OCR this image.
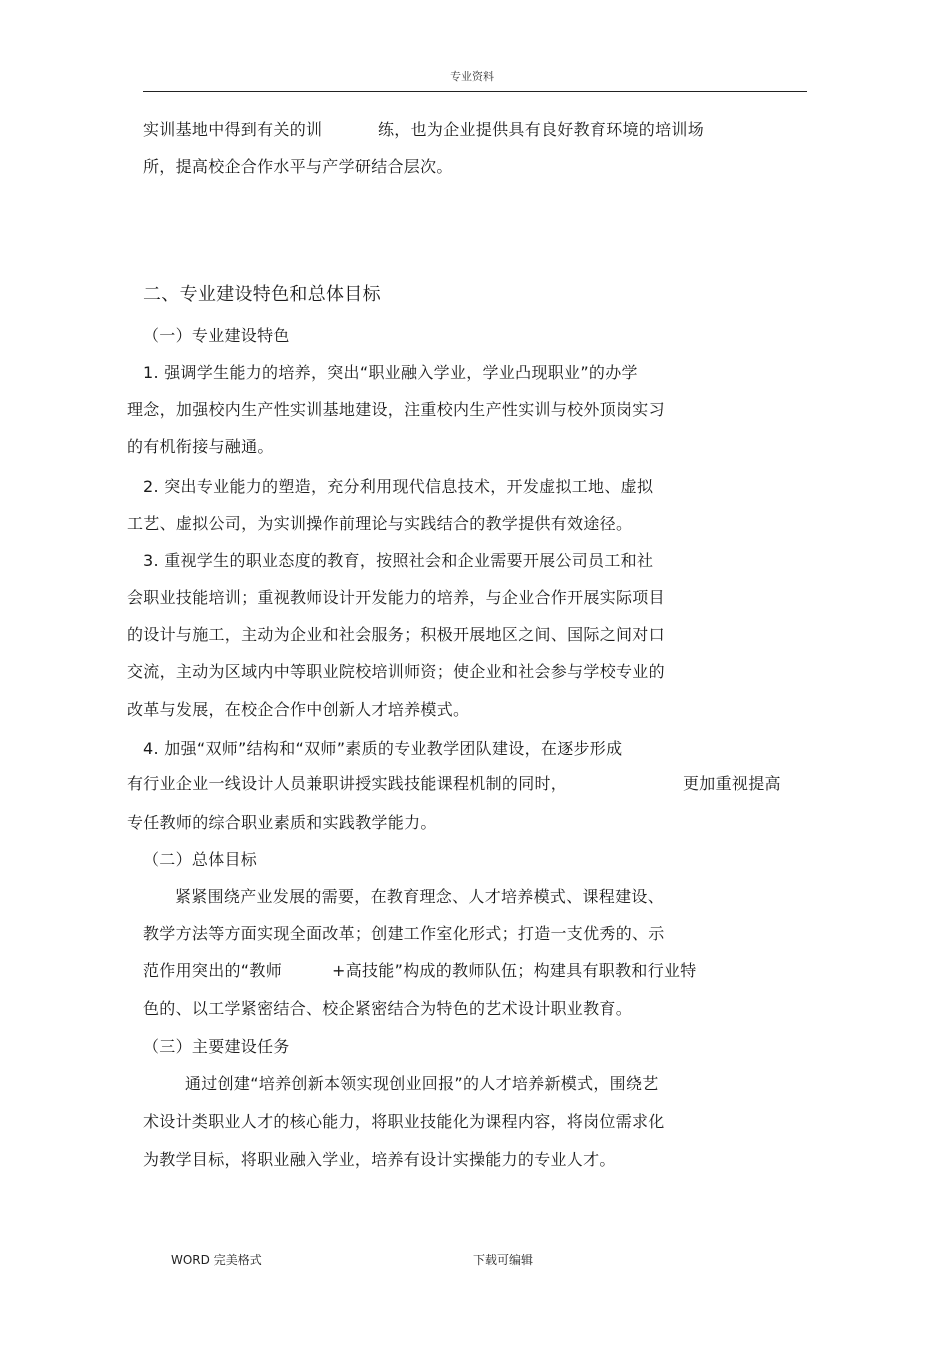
专业资料
实训基地中得到有关的训	练，也为企业提供具有良好教育环境的培训场
所，提高校企合作水平与产学研结合层次。
二、专业建设特色和总体目标
（一）专业建设特色
1. 强调学生能力的培养，突出“职业融入学业，学业凸现职业”的办学
理念，加强校内生产性实训基地建设，注重校内生产性实训与校外顶岗实习
的有机衔接与融通。
2. 突出专业能力的塑造，充分利用现代信息技术，开发虚拟工地、虚拟
工艺、虚拟公司，为实训操作前理论与实践结合的教学提供有效途径。
3. 重视学生的职业态度的教育，按照社会和企业需要开展公司员工和社
会职业技能培训；重视教师设计开发能力的培养，与企业合作开展实际项目
的设计与施工，主动为企业和社会服务；积极开展地区之间、国际之间对口
交流，主动为区域内中等职业院校培训师资；使企业和社会参与学校专业的
改革与发展，在校企合作中创新人才培养模式。
4. 加强“双师”结构和“双师”素质的专业教学团队建设，在逐步形成
有行业企业一线设计人员兼职讲授实践技能课程机制的同时，	更加重视提高
专任教师的综合职业素质和实践教学能力。
（二）总体目标
紧紧围绕产业发展的需要，在教育理念、人才培养模式、课程建设、
教学方法等方面实现全面改革；创建工作室化形式；打造一支优秀的、示
范作用突出的“教师	+高技能”构成的教师队伍；构建具有职教和行业特
色的、以工学紧密结合、校企紧密结合为特色的艺术设计职业教育。
（三）主要建设任务
通过创建“培养创新本领实现创业回报”的人才培养新模式，围绕艺
术设计类职业人才的核心能力，将职业技能化为课程内容，将岗位需求化
为教学目标，将职业融入学业，培养有设计实操能力的专业人才。
WORD 完美格式	下载可编辑
